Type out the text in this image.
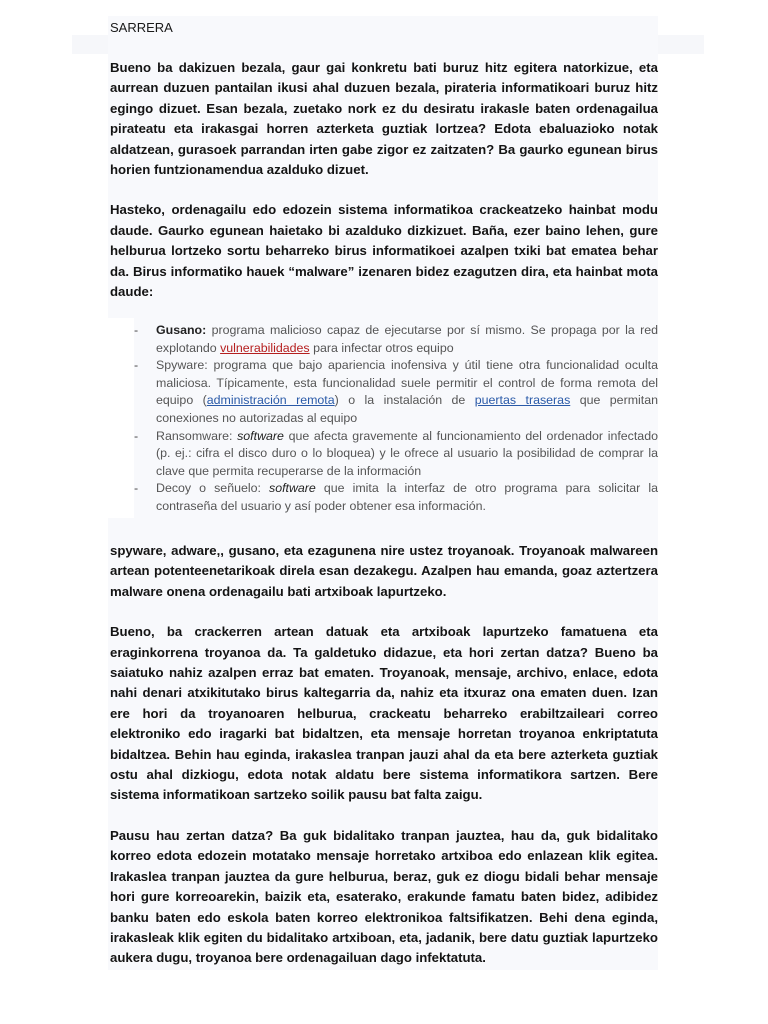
SARRERA

Bueno ba dakizuen bezala, gaur gai konkretu bati buruz hitz egitera natorkizue, eta aurrean duzuen pantailan ikusi ahal duzuen bezala, pirateria informatikoari buruz hitz egingo dizuet. Esan bezala, zuetako nork ez du desiratu irakasle baten ordenagailua pirateatu eta irakasgai horren azterketa guztiak lortzea? Edota ebaluazioko notak aldatzean, gurasoek parrandan irten gabe zigor ez zaitzaten? Ba gaurko egunean birus horien funtzionamendua azalduko dizuet.

Hasteko, ordenagailu edo edozein sistema informatikoa crackeatzeko hainbat modu daude. Gaurko egunean haietako bi azalduko dizkizuet. Baña, ezer baino lehen, gure helburua lortzeko sortu beharreko birus informatikoei azalpen txiki bat ematea behar da. Birus informatiko hauek “malware” izenaren bidez ezagutzen dira, eta hainbat mota daude:

- Gusano: programa malicioso capaz de ejecutarse por sí mismo. Se propaga por la red explotando vulnerabilidades para infectar otros equipo
- Spyware: programa que bajo apariencia inofensiva y útil tiene otra funcionalidad oculta maliciosa. Típicamente, esta funcionalidad suele permitir el control de forma remota del equipo (administración remota) o la instalación de puertas traseras que permitan conexiones no autorizadas al equipo
- Ransomware: software que afecta gravemente al funcionamiento del ordenador infectado (p. ej.: cifra el disco duro o lo bloquea) y le ofrece al usuario la posibilidad de comprar la clave que permita recuperarse de la información
- Decoy o señuelo: software que imita la interfaz de otro programa para solicitar la contraseña del usuario y así poder obtener esa información.

spyware, adware,, gusano, eta ezagunena nire ustez troyanoak. Troyanoak malwareen artean potenteenetarikoak direla esan dezakegu. Azalpen hau emanda, goaz aztertzera malware onena ordenagailu bati artxiboak lapurtzeko.

Bueno, ba crackerren artean datuak eta artxiboak lapurtzeko famatuena eta eraginkorrena troyanoa da. Ta galdetuko didazue, eta hori zertan datza? Bueno ba saiatuko nahiz azalpen erraz bat ematen. Troyanoak, mensaje, archivo, enlace, edota nahi denari atxikitutako birus kaltegarria da, nahiz eta itxuraz ona ematen duen. Izan ere hori da troyanoaren helburua, crackeatu beharreko erabiltzaileari correo elektroniko edo iragarki bat bidaltzen, eta mensaje horretan troyanoa enkriptatuta bidaltzea. Behin hau eginda, irakaslea tranpan jauzi ahal da eta bere azterketa guztiak ostu ahal dizkiogu, edota notak aldatu bere sistema informatikora sartzen. Bere sistema informatikoan sartzeko soilik pausu bat falta zaigu.

Pausu hau zertan datza? Ba guk bidalitako tranpan jauztea, hau da, guk bidalitako korreo edota edozein motatako mensaje horretako artxiboa edo enlazean klik egitea. Irakaslea tranpan jauztea da gure helburua, beraz, guk ez diogu bidali behar mensaje hori gure korreoarekin, baizik eta, esaterako, erakunde famatu baten bidez, adibidez banku baten edo eskola baten korreo elektronikoa faltsifikatzen. Behi dena eginda, irakasleak klik egiten du bidalitako artxiboan, eta, jadanik, bere datu guztiak lapurtzeko aukera dugu, troyanoa bere ordenagailuan dago infektatuta.
